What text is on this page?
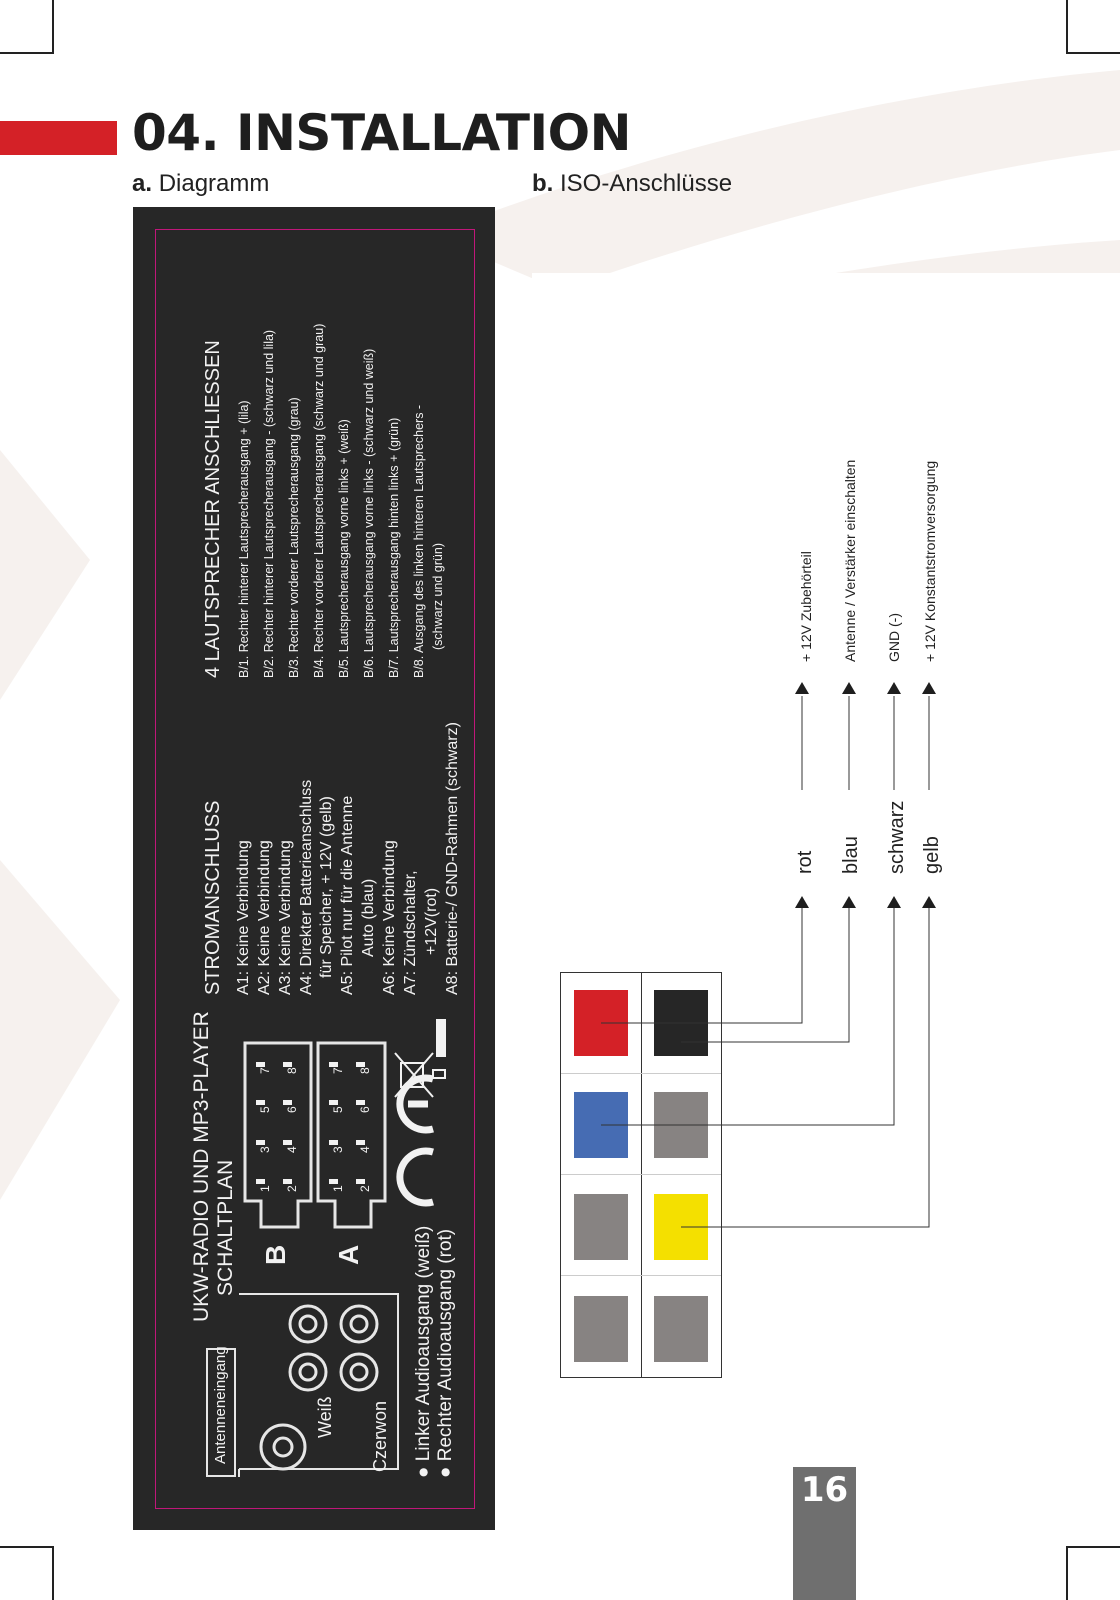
04. INSTALLATION
a. Diagramm	b. ISO-Anschlüsse
UKW-RADIO UND MP3-PLAYER SCHALTPLAN
Antenneneingang	Weiß Czerwon ● Linker Audioausgang (weiß)
● Rechter Audioausgang (rot)
B A
1
3
5
7
2
4
6
8
1
3
5
7
2
4
6
8
STROMANSCHLUSS A1: Keine Verbindung A2: Keine Verbindung A3: Keine Verbindung A4: Direkter Batterieanschluss für Speicher, + 12V (gelb) A5: Pilot nur für die Antenne Auto (blau) A6: Keine Verbindung A7: Zündschalter, +12V(rot) A8: Batterie-/ GND-Rahmen (schwarz)
4 LAUTSPRECHER ANSCHLIESSEN B/1. Rechter hinterer Lautsprecherausgang + (lila) B/2. Rechter hinterer Lautsprecherausgang - (schwarz und lila) B/3. Rechter vorderer Lautsprecherausgang (grau) B/4. Rechter vorderer Lautsprecherausgang (schwarz und grau) B/5. Lautsprecherausgang vorne links + (weiß) B/6. Lautsprecherausgang vorne links - (schwarz und weiß) B/7. Lautsprecherausgang hinten links + (grün) B/8. Ausgang des linken hinteren Lautsprechers - (schwarz und grün)
rot blau schwarz gelb
+ 12V Zubehörteil Antenne / Verstärker einschalten GND (-) + 12V Konstantstromversorgung
16
